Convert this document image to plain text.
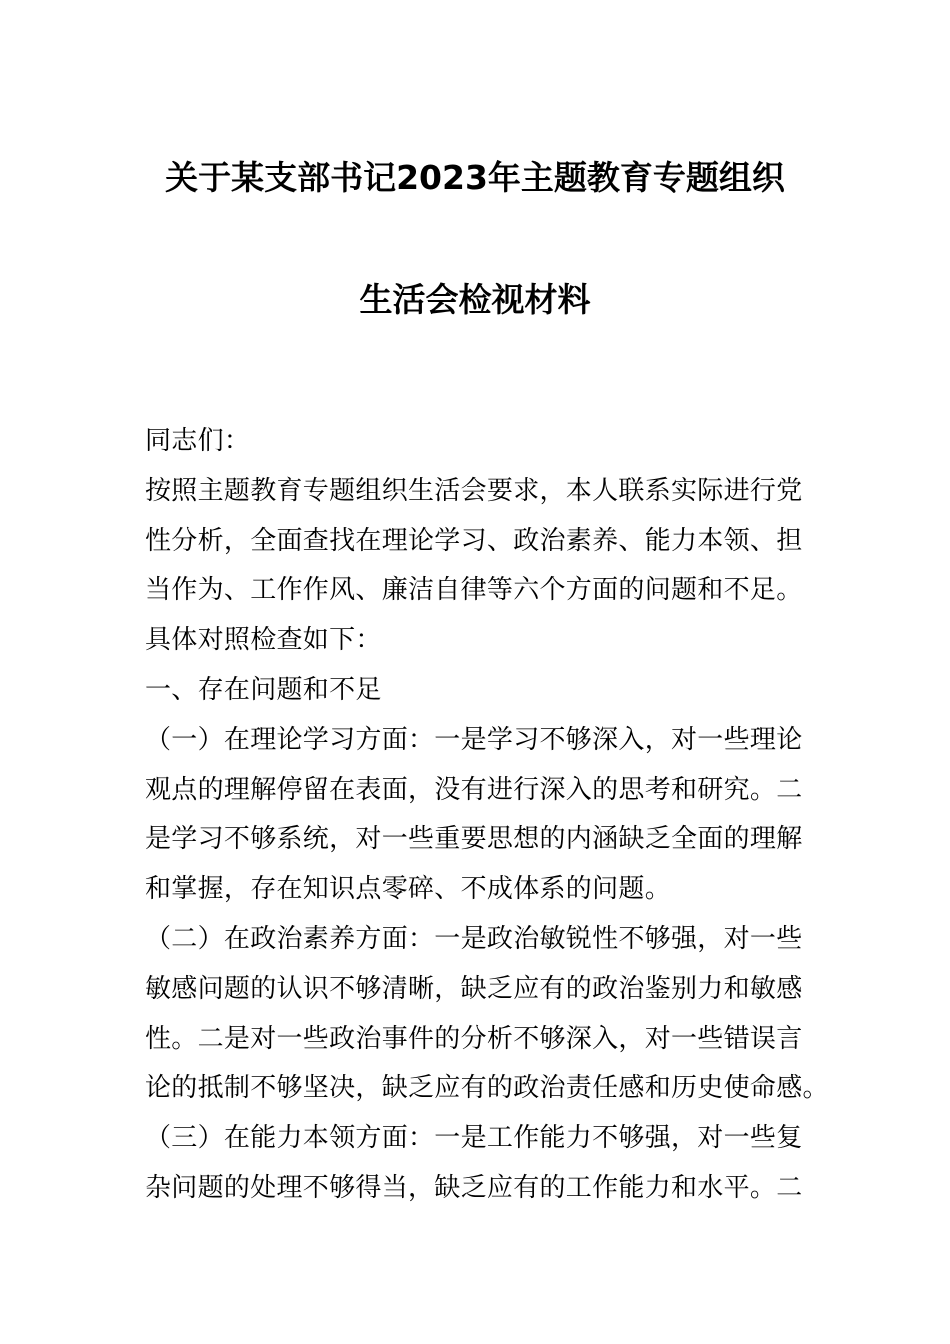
关于某支部书记2023年主题教育专题组织
生活会检视材料
同志们：
按照主题教育专题组织生活会要求，本人联系实际进行党
性分析，全面查找在理论学习、政治素养、能力本领、担
当作为、工作作风、廉洁自律等六个方面的问题和不足。
具体对照检查如下：
一、存在问题和不足
（一）在理论学习方面：一是学习不够深入，对一些理论
观点的理解停留在表面，没有进行深入的思考和研究。二
是学习不够系统，对一些重要思想的内涵缺乏全面的理解
和掌握，存在知识点零碎、不成体系的问题。
（二）在政治素养方面：一是政治敏锐性不够强，对一些
敏感问题的认识不够清晰，缺乏应有的政治鉴别力和敏感
性。二是对一些政治事件的分析不够深入，对一些错误言
论的抵制不够坚决，缺乏应有的政治责任感和历史使命感。
（三）在能力本领方面：一是工作能力不够强，对一些复
杂问题的处理不够得当，缺乏应有的工作能力和水平。二
